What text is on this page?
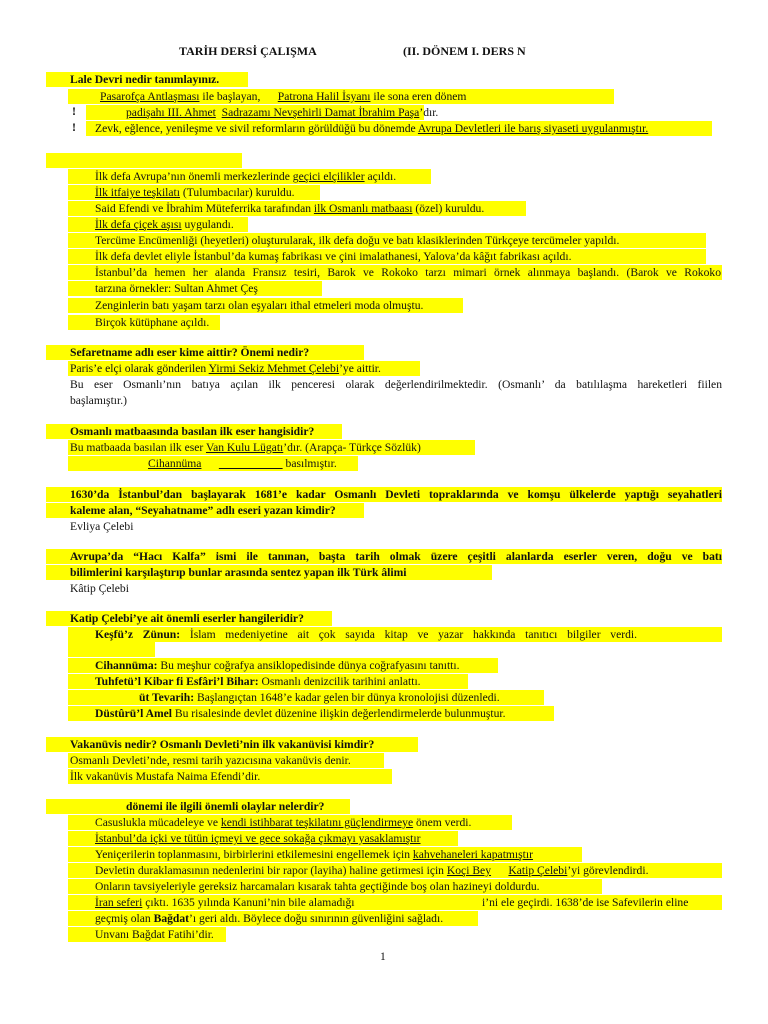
TARİH DERSİ ÇALIŞMA	(II. DÖNEM I. DERS N
Lale Devri nedir tanımlayınız.
Pasarofça Antlaşması ile başlayan,      Patrona Halil İsyanı ile sona eren dönem
!	padişahı III. Ahmet Sadrazamı Nevşehirli Damat İbrahim Paşa’dır.
! Zevk, eğlence, yenileşme ve sivil reformların görüldüğü bu dönemde Avrupa Devletleri ile barış siyaseti uygulanmıştır.
İlk defa Avrupa’nın önemli merkezlerinde geçici elçilikler açıldı.
İlk itfaiye teşkilatı (Tulumbacılar) kuruldu.
Said Efendi ve İbrahim Müteferrika tarafından ilk Osmanlı matbaası (özel) kuruldu.
İlk defa çiçek aşısı uygulandı.
Tercüme Encümenliği (heyetleri) oluşturularak, ilk defa doğu ve batı klasiklerinden Türkçeye tercümeler yapıldı.
İlk defa devlet eliyle İstanbul’da kumaş fabrikası ve çini imalathanesi, Yalova’da kâğıt fabrikası açıldı.
İstanbul’da hemen her alanda Fransız tesiri, Barok ve Rokoko tarzı mimari örnek alınmaya başlandı. (Barok ve Rokoko
tarzına örnekler: Sultan Ahmet Çeş
Zenginlerin batı yaşam tarzı olan eşyaları ithal etmeleri moda olmuştu.
Birçok kütüphane açıldı.
Sefaretname adlı eser kime aittir? Önemi nedir?
Paris’e elçi olarak gönderilen Yirmi Sekiz Mehmet Çelebi’ye aittir.
Bu eser Osmanlı’nın batıya açılan ilk penceresi olarak değerlendirilmektedir. (Osmanlı’ da batılılaşma hareketleri fiilen
başlamıştır.)
Osmanlı matbaasında basılan ilk eser hangisidir?
Bu matbaada basılan ilk eser Van Kulu Lügatı’dır. (Arapça- Türkçe Sözlük)
Cihannüma	basılmıştır.
1630’da İstanbul’dan başlayarak 1681’e kadar Osmanlı Devleti topraklarında ve komşu ülkelerde yaptığı seyahatleri
kaleme alan, “Seyahatname” adlı eseri yazan kimdir?
Evliya Çelebi
Avrupa’da “Hacı Kalfa” ismi ile tanınan, başta tarih olmak üzere çeşitli alanlarda eserler veren, doğu ve batı
bilimlerini karşılaştırıp bunlar arasında sentez yapan ilk Türk âlimi
Kâtip Çelebi
Katip Çelebi’ye ait önemli eserler hangileridir?
Keşfü’z Zünun: İslam medeniyetine ait çok sayıda kitap ve yazar hakkında tanıtıcı bilgiler verdi.
Cihannüma: Bu meşhur coğrafya ansiklopedisinde dünya coğrafyasını tanıttı.
Tuhfetü’l Kibar fi Esfâri’l Bihar: Osmanlı denizcilik tarihini anlattı.
üt Tevarih: Başlangıçtan 1648’e kadar gelen bir dünya kronolojisi düzenledi.
Düstûrü’l Amel Bu risalesinde devlet düzenine ilişkin değerlendirmelerde bulunmuştur.
Vakanüvis nedir? Osmanlı Devleti’nin ilk vakanüvisi kimdir?
Osmanlı Devleti’nde, resmi tarih yazıcısına vakanüvis denir.
İlk vakanüvis Mustafa Naima Efendi’dir.
dönemi ile ilgili önemli olaylar nelerdir?
Casuslukla mücadeleye ve kendi istihbarat teşkilatını güçlendirmeye önem verdi.
İstanbul’da içki ve tütün içmeyi ve gece sokağa çıkmayı yasaklamıştır
Yeniçerilerin toplanmasını, birbirlerini etkilemesini engellemek için kahvehaneleri kapatmıştır
Devletin duraklamasının nedenlerini bir rapor (layiha) haline getirmesi için Koçi Bey Katip Çelebi’yi görevlendirdi.
Onların tavsiyeleriyle gereksiz harcamaları kısarak tahta geçtiğinde boş olan hazineyi doldurdu.
İran seferi çıktı. 1635 yılında Kanuni’nin bile alamadığı	i’ni ele geçirdi. 1638’de ise Safevilerin eline
geçmiş olan Bağdat’ı geri aldı. Böylece doğu sınırının güvenliğini sağladı.
Unvanı Bağdat Fatihi’dir.
1
